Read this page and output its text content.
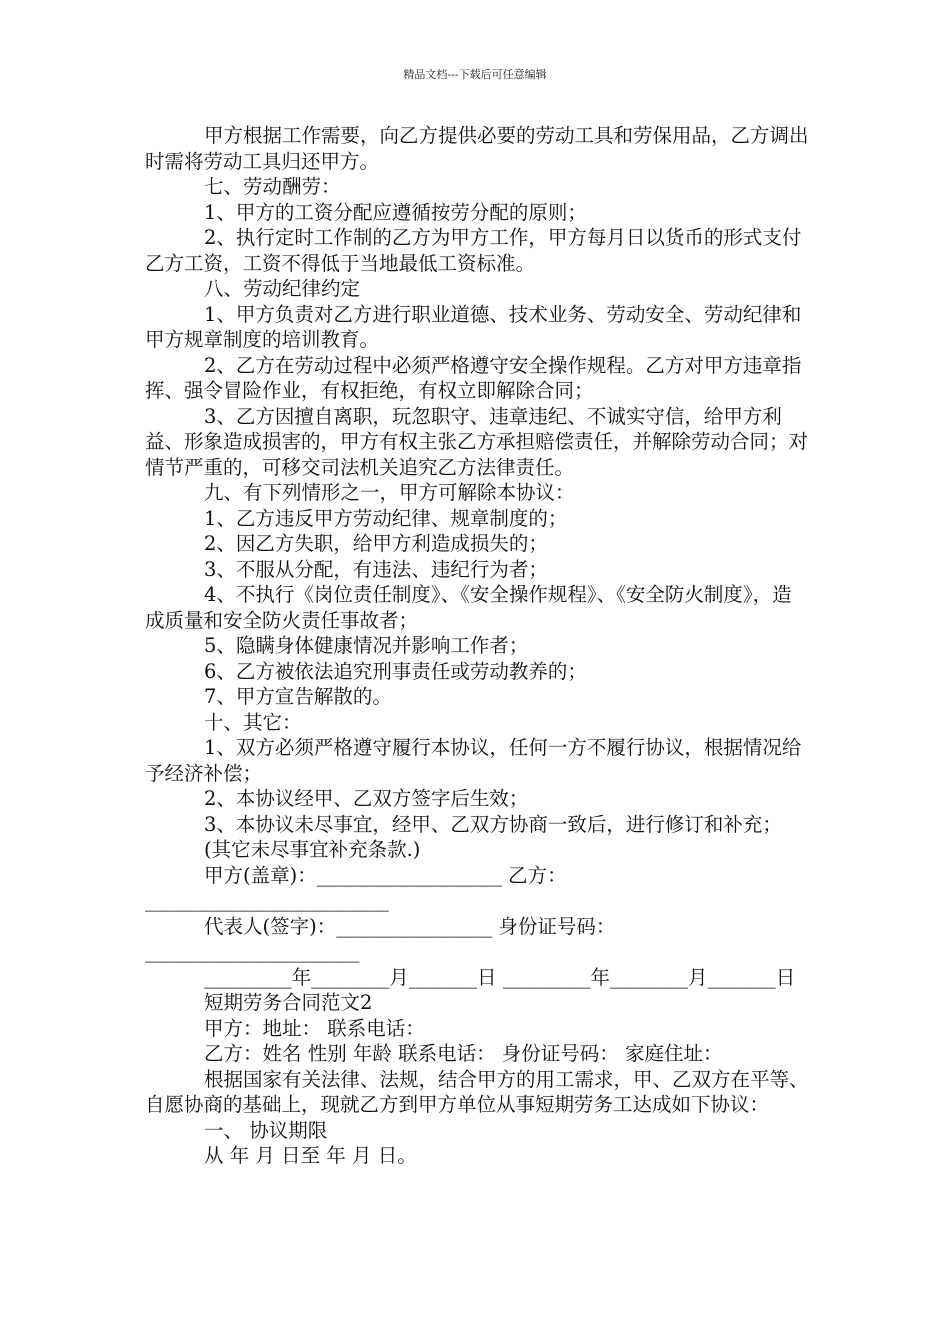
精品文档---下载后可任意编辑

甲方根据工作需要，向乙方提供必要的劳动工具和劳保用品，乙方调出时需将劳动工具归还甲方。

七、劳动酬劳：

1、甲方的工资分配应遵循按劳分配的原则；

2、执行定时工作制的乙方为甲方工作，甲方每月日以货币的形式支付乙方工资，工资不得低于当地最低工资标准。

八、劳动纪律约定

1、甲方负责对乙方进行职业道德、技术业务、劳动安全、劳动纪律和甲方规章制度的培训教育。

2、乙方在劳动过程中必须严格遵守安全操作规程。乙方对甲方违章指挥、强令冒险作业，有权拒绝，有权立即解除合同；

3、乙方因擅自离职，玩忽职守、违章违纪、不诚实守信，给甲方利益、形象造成损害的，甲方有权主张乙方承担赔偿责任，并解除劳动合同；对情节严重的，可移交司法机关追究乙方法律责任。

九、有下列情形之一，甲方可解除本协议：

1、乙方违反甲方劳动纪律、规章制度的；

2、因乙方失职，给甲方利造成损失的；

3、不服从分配，有违法、违纪行为者；

4、不执行《岗位责任制度》、《安全操作规程》、《安全防火制度》，造成质量和安全防火责任事故者；

5、隐瞒身体健康情况并影响工作者；

6、乙方被依法追究刑事责任或劳动教养的；

7、甲方宣告解散的。

十、其它：

1、双方必须严格遵守履行本协议，任何一方不履行协议，根据情况给予经济补偿；

2、本协议经甲、乙双方签字后生效；

3、本协议未尽事宜，经甲、乙双方协商一致后，进行修订和补充；

(其它未尽事宜补充条款.)

甲方(盖章)：___________________ 乙方：_________________________

代表人(签字)：________________ 身份证号码：______________________

_________年________月_______日 _________年________月_______日

短期劳务合同范文2

甲方：地址： 联系电话：

乙方：姓名 性别 年龄 联系电话： 身份证号码： 家庭住址：

根据国家有关法律、法规，结合甲方的用工需求，甲、乙双方在平等、自愿协商的基础上，现就乙方到甲方单位从事短期劳务工达成如下协议：

一、 协议期限

从 年 月 日至 年 月 日。
